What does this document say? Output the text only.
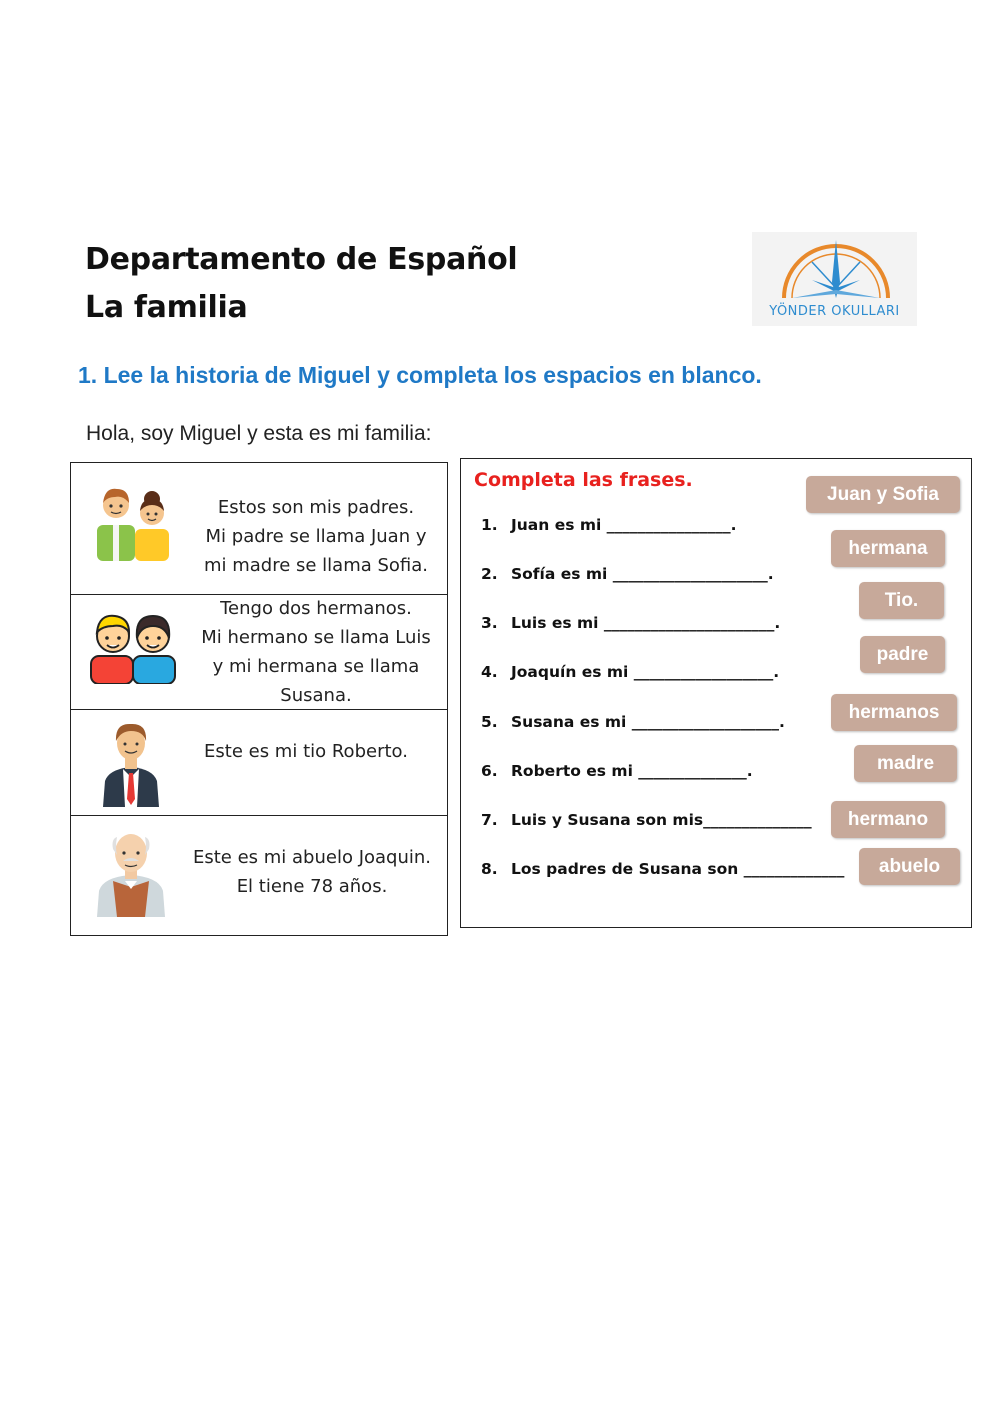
Departamento de Español
La familia	YÖNDER OKULLARI

1. Lee la historia de Miguel y completa los espacios en blanco.

Hola, soy Miguel y esta es mi familia:

Estos son mis padres.
Mi padre se llama Juan y
mi madre se llama Sofia.
Tengo dos hermanos.
Mi hermano se llama Luis
y mi hermana se llama
Susana.
Este es mi tio Roberto.
Este es mi abuelo Joaquin.
El tiene 78 años.
Completa las frases.
1. Juan es mi ________________.
2. Sofía es mi ____________________.
3. Luis es mi ______________________.
4. Joaquín es mi __________________.
5. Susana es mi ___________________.
6. Roberto es mi ______________.
7. Luis y Susana son mis______________
8. Los padres de Susana son _____________
Juan y Sofia
hermana
Tio.
padre
hermanos
madre
hermano
abuelo
